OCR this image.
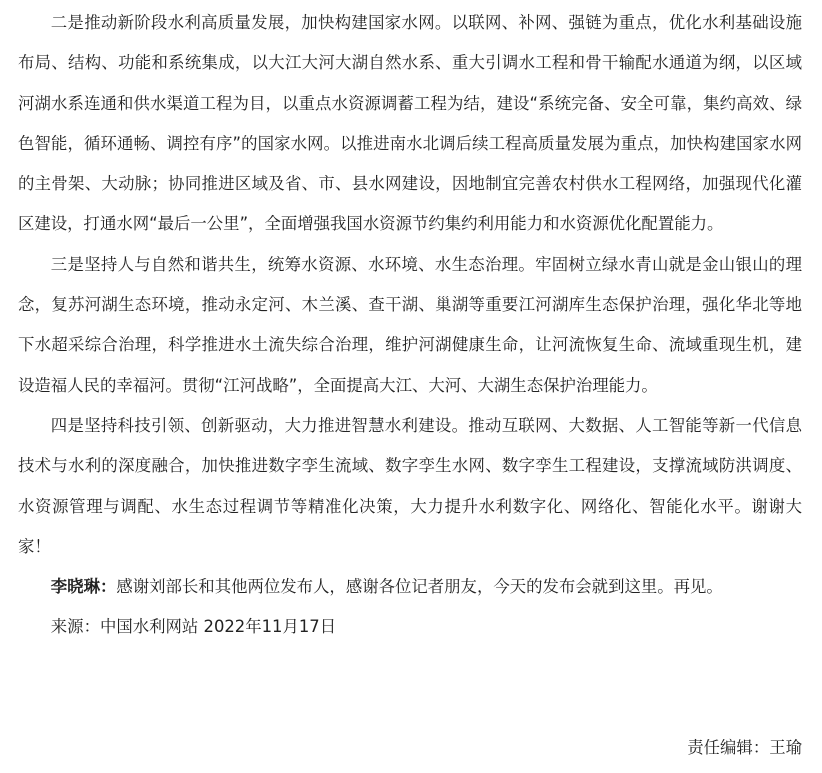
二是推动新阶段水利高质量发展，加快构建国家水网。以联网、补网、强链为重点，优化水利基础设施布局、结构、功能和系统集成，以大江大河大湖自然水系、重大引调水工程和骨干输配水通道为纲，以区域河湖水系连通和供水渠道工程为目，以重点水资源调蓄工程为结，建设“系统完备、安全可靠，集约高效、绿色智能，循环通畅、调控有序”的国家水网。以推进南水北调后续工程高质量发展为重点，加快构建国家水网的主骨架、大动脉；协同推进区域及省、市、县水网建设，因地制宜完善农村供水工程网络，加强现代化灌区建设，打通水网“最后一公里”，全面增强我国水资源节约集约利用能力和水资源优化配置能力。

三是坚持人与自然和谐共生，统筹水资源、水环境、水生态治理。牢固树立绿水青山就是金山银山的理念，复苏河湖生态环境，推动永定河、木兰溪、查干湖、巢湖等重要江河湖库生态保护治理，强化华北等地下水超采综合治理，科学推进水土流失综合治理，维护河湖健康生命，让河流恢复生命、流域重现生机，建设造福人民的幸福河。贯彻“江河战略”，全面提高大江、大河、大湖生态保护治理能力。

四是坚持科技引领、创新驱动，大力推进智慧水利建设。推动互联网、大数据、人工智能等新一代信息技术与水利的深度融合，加快推进数字孪生流域、数字孪生水网、数字孪生工程建设，支撑流域防洪调度、水资源管理与调配、水生态过程调节等精准化决策，大力提升水利数字化、网络化、智能化水平。谢谢大家！

李晓琳：感谢刘部长和其他两位发布人，感谢各位记者朋友，今天的发布会就到这里。再见。

来源：中国水利网站 2022年11月17日

责任编辑：王瑜
